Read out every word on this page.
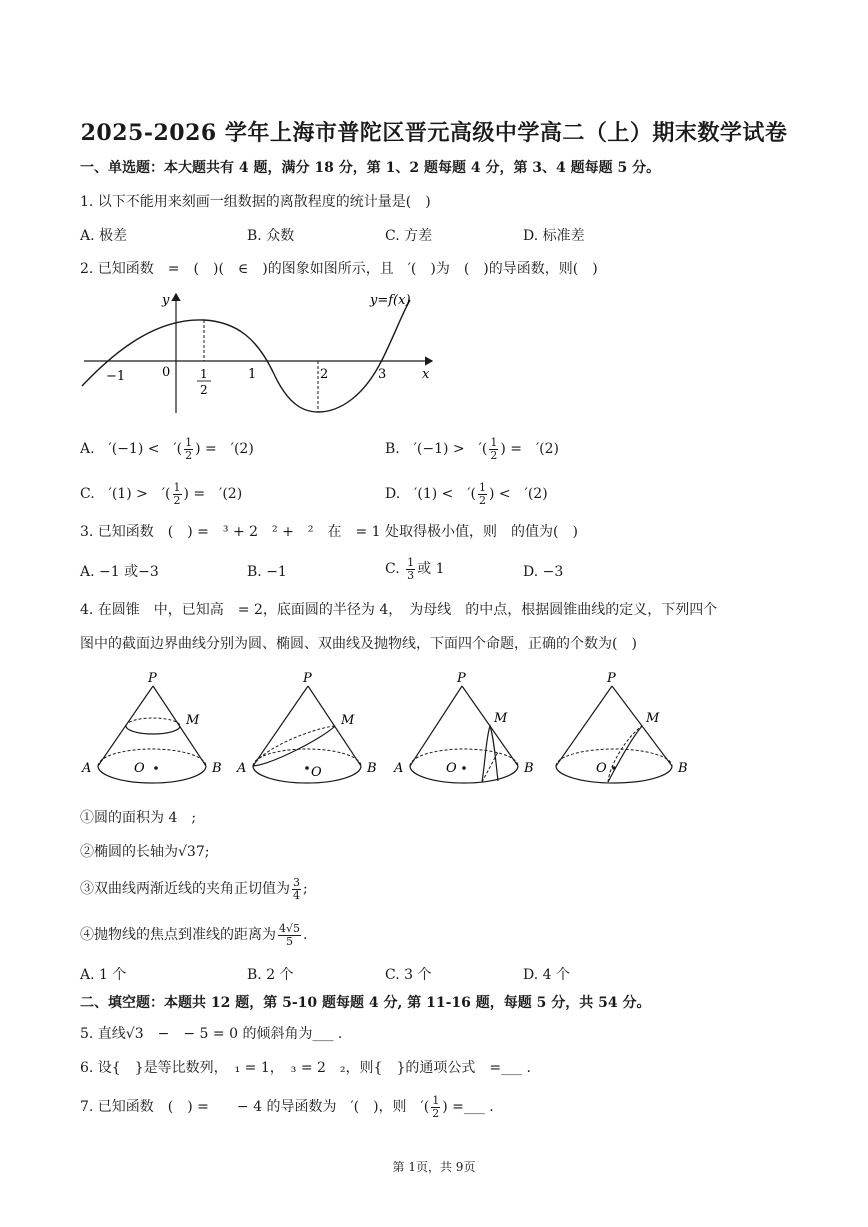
2025-2026 学年上海市普陀区晋元高级中学高二（上）期末数学试卷
一、单选题：本大题共有 4 题，满分 18 分，第 1、2 题每题 4 分，第 3、4 题每题 5 分。
1. 以下不能用来刻画一组数据的离散程度的统计量是(　)
A. 极差	B. 众数	C. 方差	D. 标准差
2. 已知函数　=　(　)(　∈　)的图象如图所示，且　′(　)为　(　)的导函数，则(　)
y
x
y=f(x)
−1	0 1
2
1	2	3
A.　′(−1) <　′( $\frac{1}{2}$ ) =　′(2)	B.　′(−1) >　′( $\frac{1}{2}$ ) =　′(2)
C.　′(1) >　′( $\frac{1}{2}$ ) =　′(2)	D.　′(1) <　′( $\frac{1}{2}$ ) <　′(2)
3. 已知函数　(　) =　³ + 2　² +　²　在　= 1 处取得极小值，则　的值为(　)
A. −1 或−3	B. −1	C. $\frac{1}{3}$ 或 1	D. −3
4. 在圆锥　中，已知高　= 2，底面圆的半径为 4，　为母线　的中点，根据圆锥曲线的定义，下列四个
图中的截面边界曲线分别为圆、椭圆、双曲线及抛物线，下面四个命题，正确的个数为(　)
P
M
A	B
O
P
M
A	B
O
P
M
A	B
O
P
M
B
O
①圆的面积为 4　;
②椭圆的长轴为√37;
③双曲线两渐近线的夹角正切值为 $\frac{3}{4}$ ;
④抛物线的焦点到准线的距离为 $\frac{4√5}{5}$ .
A. 1 个	B. 2 个	C. 3 个	D. 4 个
二、填空题：本题共 12 题，第 5-10 题每题 4 分, 第 11-16 题，每题 5 分，共 54 分。
5. 直线√3　−　− 5 = 0 的倾斜角为___ .
6. 设{　}是等比数列，　₁ = 1，　₃ = 2　₂，则{　}的通项公式　=___ .
7. 已知函数　(　) =　　− 4 的导函数为　′(　)，则　′( $\frac{1}{2}$ ) =___ .
第 1页，共 9页
